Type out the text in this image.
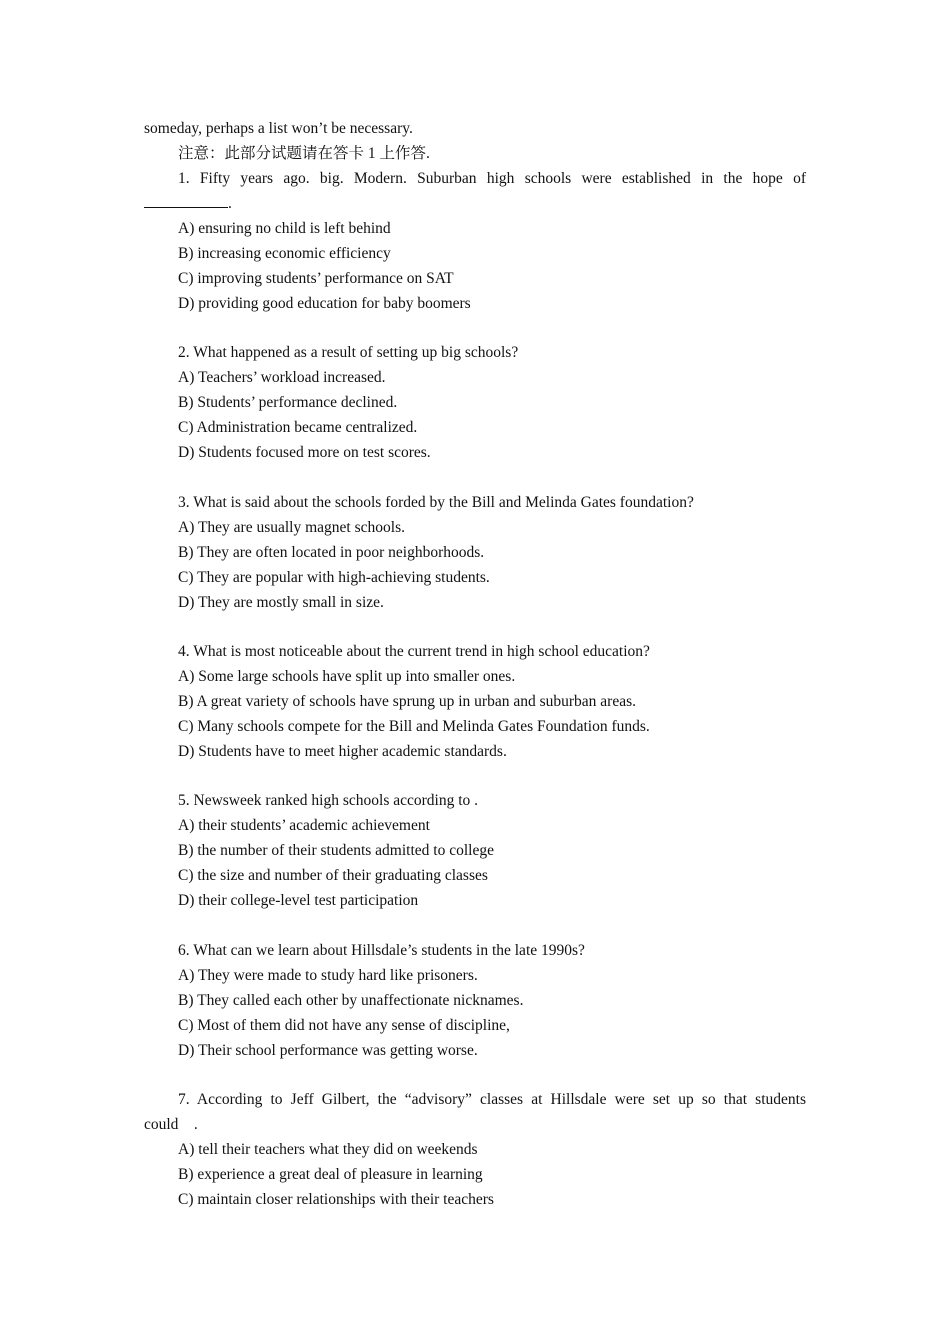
someday, perhaps a list won’t be necessary.
注意：此部分试题请在答卡 1 上作答.
1. Fifty years ago. big. Modern. Suburban high schools were established in the hope of
.
A) ensuring no child is left behind
B) increasing economic efficiency
C) improving students’ performance on SAT
D) providing good education for baby boomers
2. What happened as a result of setting up big schools?
A) Teachers’ workload increased.
B) Students’ performance declined.
C) Administration became centralized.
D) Students focused more on test scores.
3. What is said about the schools forded by the Bill and Melinda Gates foundation?
A) They are usually magnet schools.
B) They are often located in poor neighborhoods.
C) They are popular with high-achieving students.
D) They are mostly small in size.
4. What is most noticeable about the current trend in high school education?
A) Some large schools have split up into smaller ones.
B) A great variety of schools have sprung up in urban and suburban areas.
C) Many schools compete for the Bill and Melinda Gates Foundation funds.
D) Students have to meet higher academic standards.
5. Newsweek ranked high schools according to .
A) their students’ academic achievement
B) the number of their students admitted to college
C) the size and number of their graduating classes
D) their college-level test participation
6. What can we learn about Hillsdale’s students in the late 1990s?
A) They were made to study hard like prisoners.
B) They called each other by unaffectionate nicknames.
C) Most of them did not have any sense of discipline,
D) Their school performance was getting worse.
7. According to Jeff Gilbert, the “advisory” classes at Hillsdale were set up so that students
could    .
A) tell their teachers what they did on weekends
B) experience a great deal of pleasure in learning
C) maintain closer relationships with their teachers
